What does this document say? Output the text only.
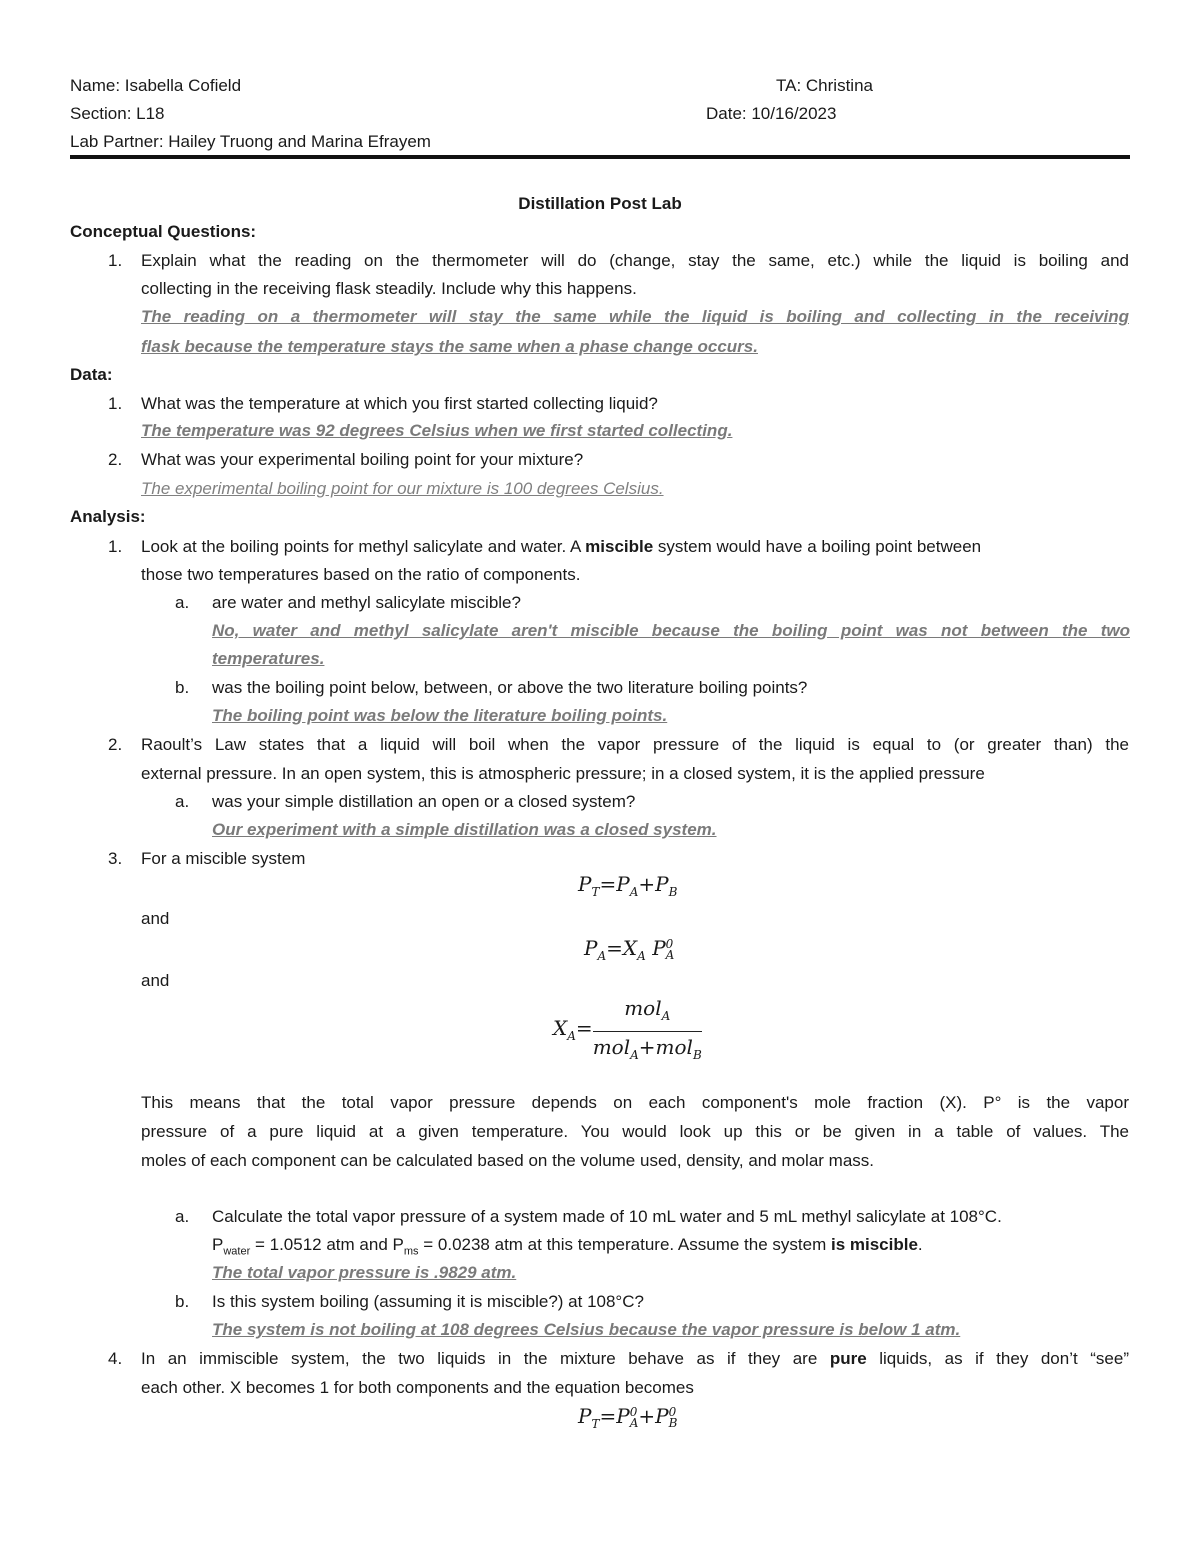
Name: Isabella Cofield	TA: Christina
Section: L18	Date: 10/16/2023
Lab Partner: Hailey Truong and Marina Efrayem
Distillation Post Lab
Conceptual Questions:
1. Explain what the reading on the thermometer will do (change, stay the same, etc.) while the liquid is boiling and
collecting in the receiving flask steadily. Include why this happens.
The reading on a thermometer will stay the same while the liquid is boiling and collecting in the receiving
flask because the temperature stays the same when a phase change occurs.
Data:
1. What was the temperature at which you first started collecting liquid?
The temperature was 92 degrees Celsius when we first started collecting.
2. What was your experimental boiling point for your mixture?
The experimental boiling point for our mixture is 100 degrees Celsius.
Analysis:
1. Look at the boiling points for methyl salicylate and water. A miscible system would have a boiling point between
those two temperatures based on the ratio of components.
a. are water and methyl salicylate miscible?
No, water and methyl salicylate aren't miscible because the boiling point was not between the two
temperatures.
b. was the boiling point below, between, or above the two literature boiling points?
The boiling point was below the literature boiling points.
2. Raoult’s Law states that a liquid will boil when the vapor pressure of the liquid is equal to (or greater than) the
external pressure. In an open system, this is atmospheric pressure; in a closed system, it is the applied pressure
a. was your simple distillation an open or a closed system?
Our experiment with a simple distillation was a closed system.
3. For a miscible system
$P_T=P_A+P_B$
and
$P_A=X_A$ P 0
A
and
$X_A= \frac{mol_A}{mol_A+mol_B}$
This means that the total vapor pressure depends on each component's mole fraction (X). P° is the vapor
pressure of a pure liquid at a given temperature. You would look up this or be given in a table of values. The
moles of each component can be calculated based on the volume used, density, and molar mass.
a. Calculate the total vapor pressure of a system made of 10 mL water and 5 mL methyl salicylate at 108°C.
$P_{water} = 1.0512$ atm and $P_{ms} = 0.0238$ atm at this temperature. Assume the system is miscible.
The total vapor pressure is .9829 atm.
b. Is this system boiling (assuming it is miscible?) at 108°C?
The system is not boiling at 108 degrees Celsius because the vapor pressure is below 1 atm.
4. In an immiscible system, the two liquids in the mixture behave as if they are pure liquids, as if they don’t “see”
each other. X becomes 1 for both components and the equation becomes
$P_T=P$ 0
A +P 0
B
